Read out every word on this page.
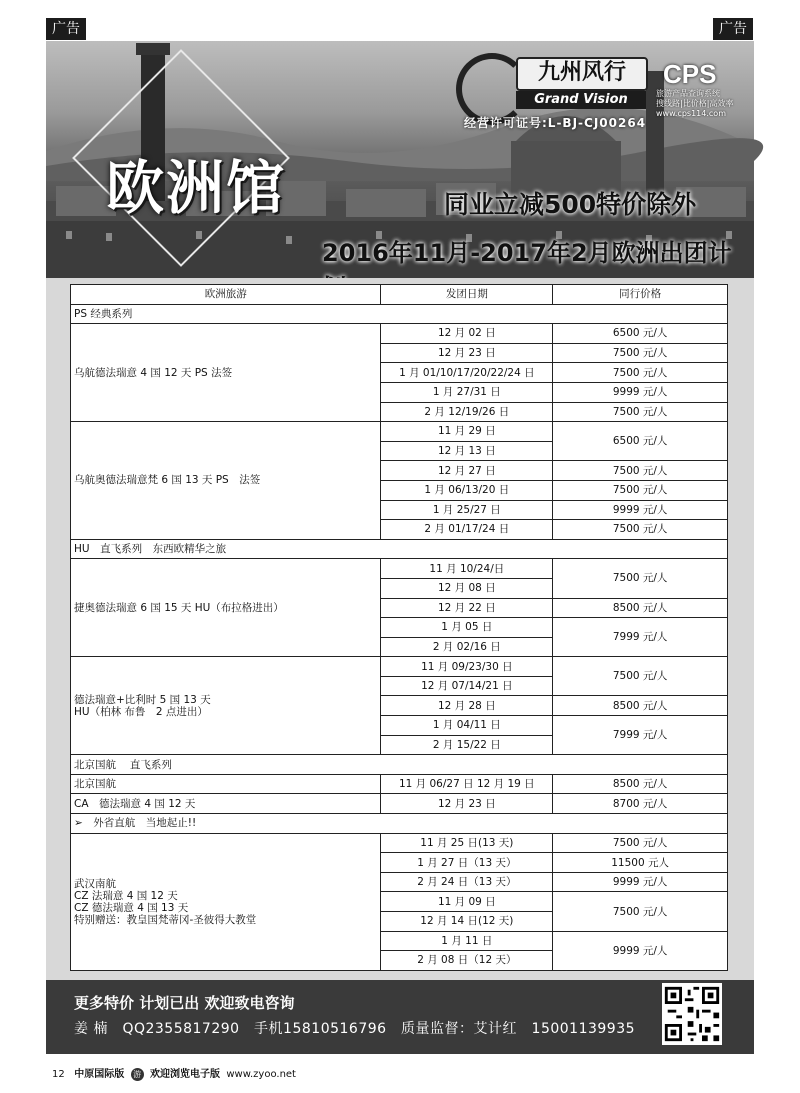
广告	广告
欧洲馆
九州风行
Grand Vision
CPS
旅游产品查询系统
搜线路|比价格|高效率
www.cps114.com
经营许可证号:L-BJ-CJ00264
同业立减500特价除外
2016年11月-2017年2月欧洲出团计
欧洲旅游	发团日期	同行价格
PS 经典系列		

乌航德法瑞意 4 国 12 天 PS 法签	12 月 02 日	6500 元/人
	12 月 23 日	7500 元/人
	1 月 01/10/17/20/22/24 日	7500 元/人
	1 月 27/31 日	9999 元/人
	2 月 12/19/26 日	7500 元/人

乌航奥德法瑞意梵 6 国 13 天 PS　法签	11 月 29 日	6500 元/人
	12 月 13 日	
	12 月 27 日	7500 元/人
	1 月 06/13/20 日	7500 元/人
	1 月 25/27 日	9999 元/人
	2 月 01/17/24 日	7500 元/人
HU　直飞系列　东西欧精华之旅		

捷奥德法瑞意 6 国 15 天 HU（布拉格进出）	11 月 10/24/日	7500 元/人
	12 月 08 日	
	12 月 22 日	8500 元/人
	1 月 05 日	7999 元/人
	2 月 02/16 日	

德法瑞意+比利时 5 国 13 天
HU（柏林 布鲁　2 点进出）	11 月 09/23/30 日	7500 元/人
	12 月 07/14/21 日	
	12 月 28 日	8500 元/人
	1 月 04/11 日	7999 元/人
	2 月 15/22 日	
北京国航　 直飞系列		

北京国航	11 月 06/27 日 12 月 19 日	8500 元/人

CA　德法瑞意 4 国 12 天	12 月 23 日	8700 元/人
➢　外省直航　当地起止!!		

武汉南航
CZ 法瑞意 4 国 12 天
CZ 德法瑞意 4 国 13 天
特别赠送：教皇国梵蒂冈-圣彼得大教堂	11 月 25 日(13 天)	7500 元/人
	1 月 27 日（13 天）	11500 元人
	2 月 24 日（13 天）	9999 元/人
	11 月 09 日	7500 元/人
	12 月 14 日(12 天)	
	1 月 11 日	9999 元/人
	2 月 08 日（12 天）	
更多特价 计划已出 欢迎致电咨询
姜 楠　QQ2355817290　手机15810516796　质量监督：艾计红　15001139935
12 中原国际版 游 欢迎浏览电子版 www.zyoo.net
